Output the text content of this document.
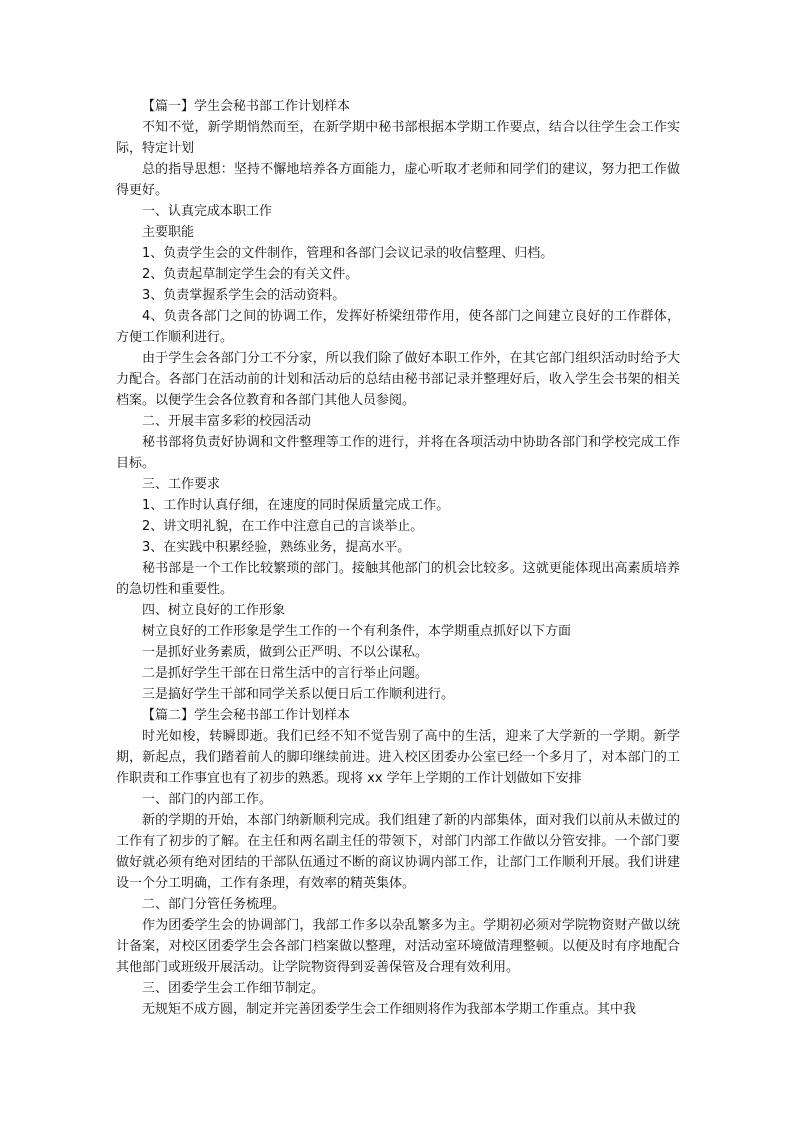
【篇一】学生会秘书部工作计划样本

不知不觉，新学期悄然而至，在新学期中秘书部根据本学期工作要点，结合以往学生会工作实际，特定计划

总的指导思想：坚持不懈地培养各方面能力，虚心听取才老师和同学们的建议，努力把工作做得更好。

一、认真完成本职工作

主要职能

1、负责学生会的文件制作，管理和各部门会议记录的收信整理、归档。

2、负责起草制定学生会的有关文件。

3、负责掌握系学生会的活动资料。

4、负责各部门之间的协调工作，发挥好桥梁纽带作用，使各部门之间建立良好的工作群体，方便工作顺利进行。

由于学生会各部门分工不分家，所以我们除了做好本职工作外，在其它部门组织活动时给予大力配合。各部门在活动前的计划和活动后的总结由秘书部记录并整理好后，收入学生会书架的相关档案。以便学生会各位教育和各部门其他人员参阅。

二、开展丰富多彩的校园活动

秘书部将负责好协调和文件整理等工作的进行，并将在各项活动中协助各部门和学校完成工作目标。

三、工作要求

1、工作时认真仔细，在速度的同时保质量完成工作。

2、讲文明礼貌，在工作中注意自己的言谈举止。

3、在实践中积累经验，熟练业务，提高水平。

秘书部是一个工作比较繁琐的部门。接触其他部门的机会比较多。这就更能体现出高素质培养的急切性和重要性。

四、树立良好的工作形象

树立良好的工作形象是学生工作的一个有利条件，本学期重点抓好以下方面

一是抓好业务素质，做到公正严明、不以公谋私。

二是抓好学生干部在日常生活中的言行举止问题。

三是搞好学生干部和同学关系以便日后工作顺利进行。

【篇二】学生会秘书部工作计划样本

时光如梭，转瞬即逝。我们已经不知不觉告别了高中的生活，迎来了大学新的一学期。新学期，新起点，我们踏着前人的脚印继续前进。进入校区团委办公室已经一个多月了，对本部门的工作职责和工作事宜也有了初步的熟悉。现将 xx 学年上学期的工作计划做如下安排

一、部门的内部工作。

新的学期的开始，本部门纳新顺利完成。我们组建了新的内部集体，面对我们以前从未做过的工作有了初步的了解。在主任和两名副主任的带领下，对部门内部工作做以分管安排。一个部门要做好就必须有绝对团结的干部队伍通过不断的商议协调内部工作，让部门工作顺利开展。我们讲建设一个分工明确，工作有条理，有效率的精英集体。

二、部门分管任务梳理。

作为团委学生会的协调部门，我部工作多以杂乱繁多为主。学期初必须对学院物资财产做以统计备案，对校区团委学生会各部门档案做以整理，对活动室环境做清理整顿。以便及时有序地配合其他部门或班级开展活动。让学院物资得到妥善保管及合理有效利用。

三、团委学生会工作细节制定。

无规矩不成方圆，制定并完善团委学生会工作细则将作为我部本学期工作重点。其中我
